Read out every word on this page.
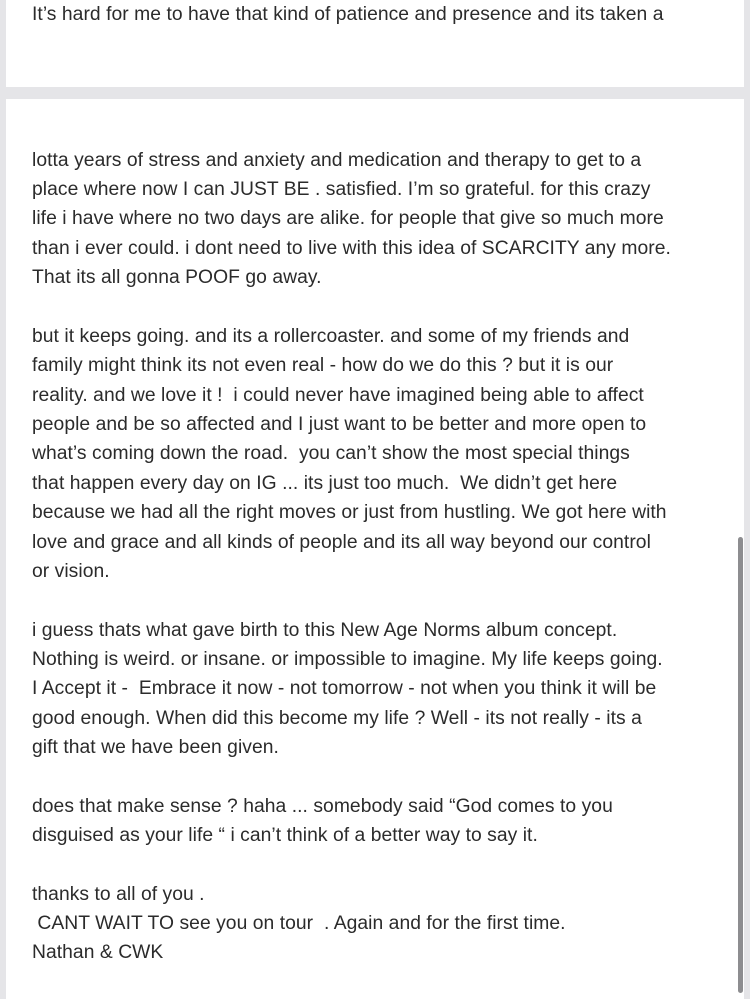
It’s hard for me to have that kind of patience and presence and its taken a
lotta years of stress and anxiety and medication and therapy to get to a
place where now I can JUST BE . satisfied. I’m so grateful. for this crazy
life i have where no two days are alike. for people that give so much more
than i ever could. i dont need to live with this idea of SCARCITY any more.
That its all gonna POOF go away.
but it keeps going. and its a rollercoaster. and some of my friends and
family might think its not even real - how do we do this ? but it is our
reality. and we love it !  i could never have imagined being able to affect
people and be so affected and I just want to be better and more open to
what’s coming down the road.  you can’t show the most special things
that happen every day on IG ... its just too much.  We didn’t get here
because we had all the right moves or just from hustling. We got here with
love and grace and all kinds of people and its all way beyond our control
or vision.
i guess thats what gave birth to this New Age Norms album concept.
Nothing is weird. or insane. or impossible to imagine. My life keeps going.
I Accept it -  Embrace it now - not tomorrow - not when you think it will be
good enough. When did this become my life ? Well - its not really - its a
gift that we have been given.
does that make sense ? haha ... somebody said “God comes to you
disguised as your life “ i can’t think of a better way to say it.
thanks to all of you .
CANT WAIT TO see you on tour  . Again and for the first time.
Nathan & CWK
